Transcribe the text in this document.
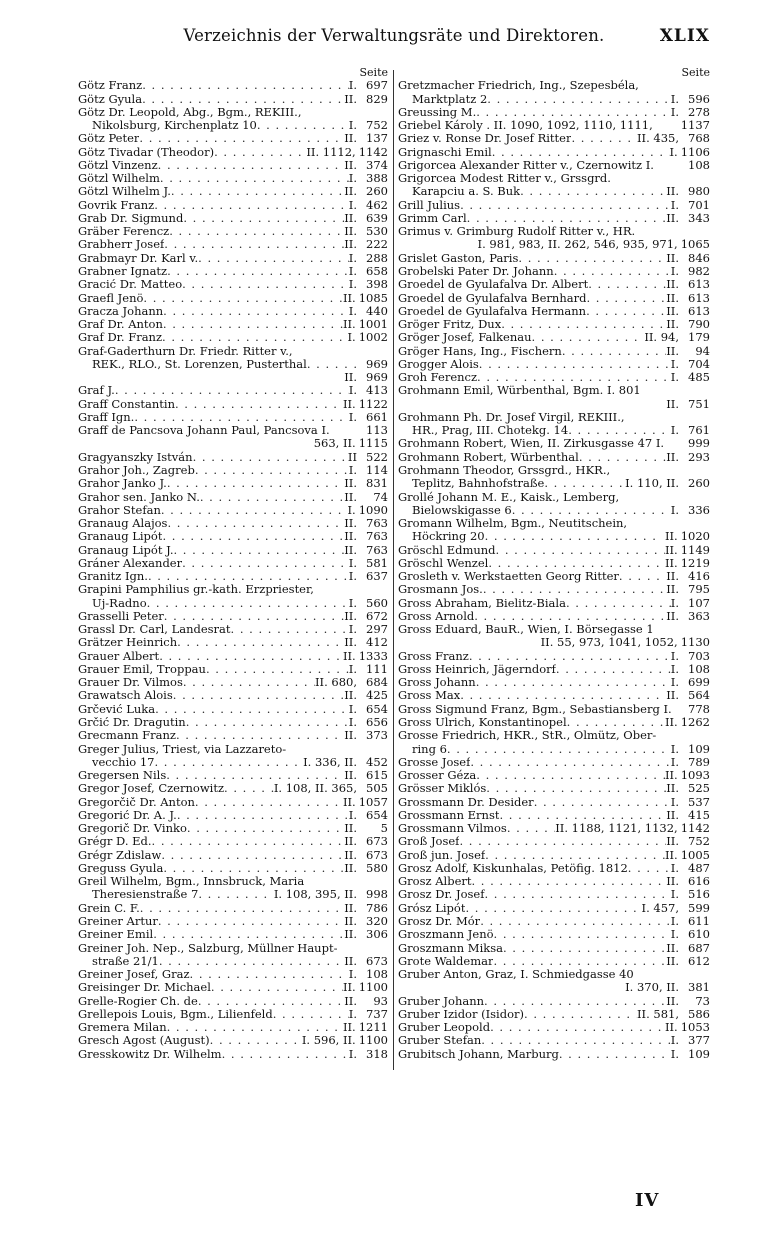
Verzeichnis der Verwaltungsräte und Direktoren.	XLIX
Seite
Götz Franz . . .	I. 697
Götz Gyula . . .	II. 829
Götz Dr. Leopold, Abg., Bgm., REKIII.,
Nikolsburg, Kirchenplatz 10 . . .	I. 752
Götz Peter . . .	II. 137
Götz Tivadar (Theodor) . . .	II. 1112, 1142
Götzl Vinzenz . . .	II. 374
Götzl Wilhelm . . .	I. 388
Götzl Wilhelm J. . . .	II. 260
Govrik Franz . . .	I. 462
Grab Dr. Sigmund . . .	II. 639
Gräber Ferencz . . .	II. 530
Grabherr Josef . . .	II. 222
Grabmayr Dr. Karl v. . . .	I. 288
Grabner Ignatz . . .	I. 658
Gracić Dr. Matteo . . .	I. 398
Graefl Jenö . . .	II. 1085
Gracza Johann . . .	I. 440
Graf Dr. Anton . . .	II. 1001
Graf Dr. Franz . . .	I. 1002
Graf-Gaderthurn Dr. Friedr. Ritter v.,
REK., RLO., St. Lorenzen, Pusterthal . . .	969
II. 969
Graf J. . . .	I. 413
Graff Constantin . . .	II. 1122
Graff Ign. . . .	I. 661
Graff de Pancsova Johann Paul, Pancsova I.	113
563, II. 1115
Gragyanszky István . . .	II 522
Grahor Joh., Zagreb . . .	I. 114
Grahor Janko J. . . .	II. 831
Grahor sen. Janko N. . . .	II.	74
Grahor Stefan . . .	I. 1090
Granaug Alajos . . .	II. 763
Granaug Lipót . . .	II. 763
Granaug Lipót J. . . .	II. 763
Gráner Alexander . . .	I. 581
Granitz Ign. . . .	I. 637
Grapini Pamphilius gr.-kath. Erzpriester,
Uj-Radno . . .	I. 560
Grasselli Peter . . .	II. 672
Grassl Dr. Carl, Landesrat . . .	I. 297
Grätzer Heinrich . . .	II. 412
Grauer Albert . . .	II. 1333
Grauer Emil, Troppau . . .	I. 111
Grauer Dr. Vilmos . . .	II. 680, 684
Grawatsch Alois . . .	II. 425
Grčević Luka . . .	I. 654
Grčić Dr. Dragutin . . .	I. 656
Grecmann Franz . . .	II. 373
Greger Julius, Triest, via Lazzareto-
vecchio 17 . . .	I. 336, II. 452
Gregersen Nils . . .	II. 615
Gregor Josef, Czernowitz . . .	I. 108, II. 365, 505
Gregorčič Dr. Anton . . .	II. 1057
Gregorić Dr. A. J. . . .	I. 654
Gregorič Dr. Vinko . . .	II.	5
Grégr D. Ed. . . .	II. 673
Grégr Zdislaw . . .	II. 673
Greguss Gyula . . .	II. 580
Greil Wilhelm, Bgm., Innsbruck, Maria
Theresienstraße 7 . . .	I. 108, 395, II. 998
Grein C. F. . . .	II. 786
Greiner Artur . . .	II. 320
Greiner Emil . . .	II. 306
Greiner Joh. Nep., Salzburg, Müllner Haupt-
straße 21/1 . . .	II. 673
Greiner Josef, Graz . . .	I. 108
Greisinger Dr. Michael . . .	II. 1100
Grelle-Rogier Ch. de . . .	II.	93
Grellepois Louis, Bgm., Lilienfeld . . .	I. 737
Gremera Milan . . .	II. 1211
Gresch Agost (August) . . .	I. 596, II. 1100
Gresskowitz Dr. Wilhelm . . .	I. 318
Seite
Gretzmacher Friedrich, Ing., Szepesbéla,
Marktplatz 2 . . .	I. 596
Greussing M. . . .	I. 278
Griebel Károly . II. 1090, 1092, 1110, 1111, 1137
Griez v. Ronse Dr. Josef Ritter . . .	II. 435, 768
Grignaschi Emil . . .	I. 1106
Grigorcea Alexander Ritter v., Czernowitz I.	108
Grigorcea Modest Ritter v., Grssgrd.
Karapciu a. S. Buk . . .	II. 980
Grill Julius . . .	I. 701
Grimm Carl . . .	II. 343
Grimus v. Grimburg Rudolf Ritter v., HR.
I. 981, 983, II. 262, 546, 935, 971, 1065
Grislet Gaston, Paris . . .	II. 846
Grobelski Pater Dr. Johann . . .	I. 982
Groedel de Gyulafalva Dr. Albert . . .	II. 613
Groedel de Gyulafalva Bernhard . . .	II. 613
Groedel de Gyulafalva Hermann . . .	II. 613
Gröger Fritz, Dux . . .	II. 790
Gröger Josef, Falkenau . . .	II. 94, 179
Gröger Hans, Ing., Fischern . . .	II.	94
Grogger Alois . . .	I. 704
Groh Ferencz . . .	I. 485
Grohmann Emil, Würbenthal, Bgm. I. 801
II. 751
Grohmann Ph. Dr. Josef Virgil, REKIII.,
HR., Prag, III. Chotekg. 14 . . .	I. 761
Grohmann Robert, Wien, II. Zirkusgasse 47 I.	999
Grohmann Robert, Würbenthal . . .	II. 293
Grohmann Theodor, Grssgrd., HKR.,
Teplitz, Bahnhofstraße . . .	I. 110, II. 260
Grollé Johann M. E., Kaisk., Lemberg,
Bielowskigasse 6 . . .	I. 336
Gromann Wilhelm, Bgm., Neutitschein,
Höckring 20 . . .	II. 1020
Gröschl Edmund . . .	II. 1149
Gröschl Wenzel . . .	II. 1219
Grosleth v. Werkstaetten Georg Ritter . . .	II. 416
Grosmann Jos. . . .	II. 795
Gross Abraham, Bielitz-Biala . . .	I. 107
Gross Arnold . . .	II. 363
Gross Eduard, BauR., Wien, I. Börsegasse 1
II. 55, 973, 1041, 1052, 1130
Gross Franz . . .	I. 703
Gross Heinrich, Jägerndorf . . .	I. 108
Gross Johann . . .	I. 699
Gross Max . . .	II. 564
Gross Sigmund Franz, Bgm., Sebastiansberg I.	778
Gross Ulrich, Konstantinopel . . .	II. 1262
Grosse Friedrich, HKR., StR., Olmütz, Ober-
ring 6 . . .	I. 109
Grosse Josef . . .	I. 789
Grosser Géza . . .	II. 1093
Grösser Miklós . . .	II. 525
Grossmann Dr. Desider . . .	I. 537
Grossmann Ernst . . .	II. 415
Grossmann Vilmos . . .	II. 1188, 1121, 1132, 1142
Groß Josef . . .	II. 752
Groß jun. Josef . . .	II. 1005
Grosz Adolf, Kiskunhalas, Petöfig. 1812 . . .	I. 487
Grosz Albert . . .	II. 616
Grosz Dr. Josef . . .	I. 516
Grósz Lipót . . .	I. 457, 599
Grosz Dr. Mór . . .	I. 611
Groszmann Jenö . . .	I. 610
Groszmann Miksa . . .	II. 687
Grote Waldemar . . .	II. 612
Gruber Anton, Graz, I. Schmiedgasse 40
I. 370, II. 381
Gruber Johann . . .	II.	73
Gruber Izidor (Isidor) . . .	II. 581, 586
Gruber Leopold . . .	II. 1053
Gruber Stefan . . .	I. 377
Grubitsch Johann, Marburg . . .	I. 109
IV
